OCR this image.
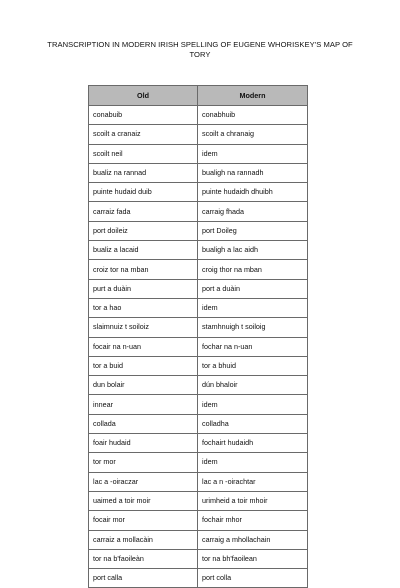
TRANSCRIPTION IN MODERN IRISH SPELLING OF EUGENE WHORISKEY'S MAP OF TORY
Old	Modern
conabuib	conabhuib
scoilt a cranaiz	scoilt a chranaig
scoilt neil	idem
bualiz na rannad	bualigh na rannadh
puinte hudaid duib	puinte hudaidh dhuibh
carraiz fada	carraig fhada
port doileiz	port Doileg
bualiz a lacaid	bualigh a lac aidh
croiz tor na mban	croig thor na mban
purt a duàin	port a duàin
tor a hao	idem
slaimnuiz t soiloiz	stamhnuigh t soiloig
focair na n-uan	fochar na n-uan
tor a buid	tor a bhuid
dun bolair	dún bhaloir
innear	idem
collada	colladha
foair hudaid	fochairt hudaidh
tor mor	idem
lac a -oiraczar	lac a n -oirachtar
uaimed a toir moir	urimheid a toir mhoir
focair mor	fochair mhor
carraiz a mollacàin	carraig a mhollachain
tor na b'faoileàn	tor na bh'faoilean
port calla	port colla
